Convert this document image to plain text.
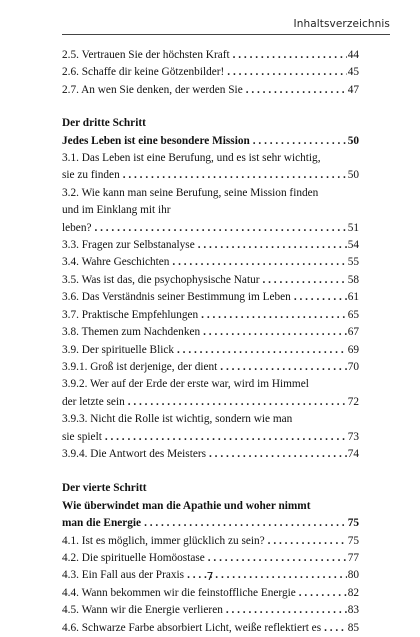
Inhaltsverzeichnis
2.5. Vertrauen Sie der höchsten Kraft . . .	44
2.6. Schaffe dir keine Götzenbilder! . . .	45
2.7. An wen Sie denken, der werden Sie . . .	47
Der dritte Schritt
Jedes Leben ist eine besondere Mission . . .	50
3.1. Das Leben ist eine Berufung, und es ist sehr wichtig,
sie zu finden . . .	50
3.2. Wie kann man seine Berufung, seine Mission finden
und im Einklang mit ihr
leben? . . .	51
3.3. Fragen zur Selbstanalyse . . .	54
3.4. Wahre Geschichten . . .	55
3.5. Was ist das, die psychophysische Natur . . .	58
3.6. Das Verständnis seiner Bestimmung im Leben . . .	61
3.7. Praktische Empfehlungen . . .	65
3.8. Themen zum Nachdenken . . .	67
3.9. Der spirituelle Blick . . .	69
3.9.1. Groß ist derjenige, der dient . . .	70
3.9.2. Wer auf der Erde der erste war, wird im Himmel
der letzte sein . . .	72
3.9.3. Nicht die Rolle ist wichtig, sondern wie man
sie spielt . . .	73
3.9.4. Die Antwort des Meisters . . .	74
Der vierte Schritt
Wie überwindet man die Apathie und woher nimmt
man die Energie . . .	75
4.1. Ist es möglich, immer glücklich zu sein? . . .	75
4.2. Die spirituelle Homöostase . . .	77
4.3. Ein Fall aus der Praxis . . .	80
4.4. Wann bekommen wir die feinstoffliche Energie . . .	82
4.5. Wann wir die Energie verlieren . . .	83
4.6. Schwarze Farbe absorbiert Licht, weiße reflektiert es . . . 85
7
